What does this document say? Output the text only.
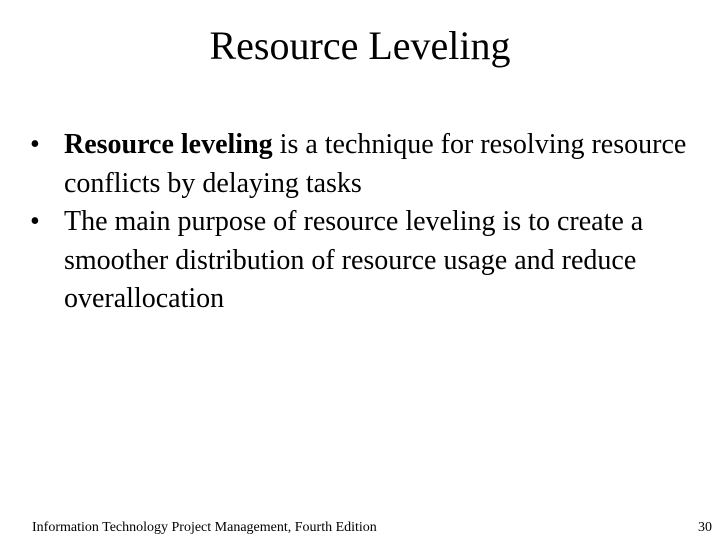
Resource Leveling
• Resource leveling is a technique for resolving resource conflicts by delaying tasks
• The main purpose of resource leveling is to create a smoother distribution of resource usage and reduce overallocation
Information Technology Project Management, Fourth Edition	30
